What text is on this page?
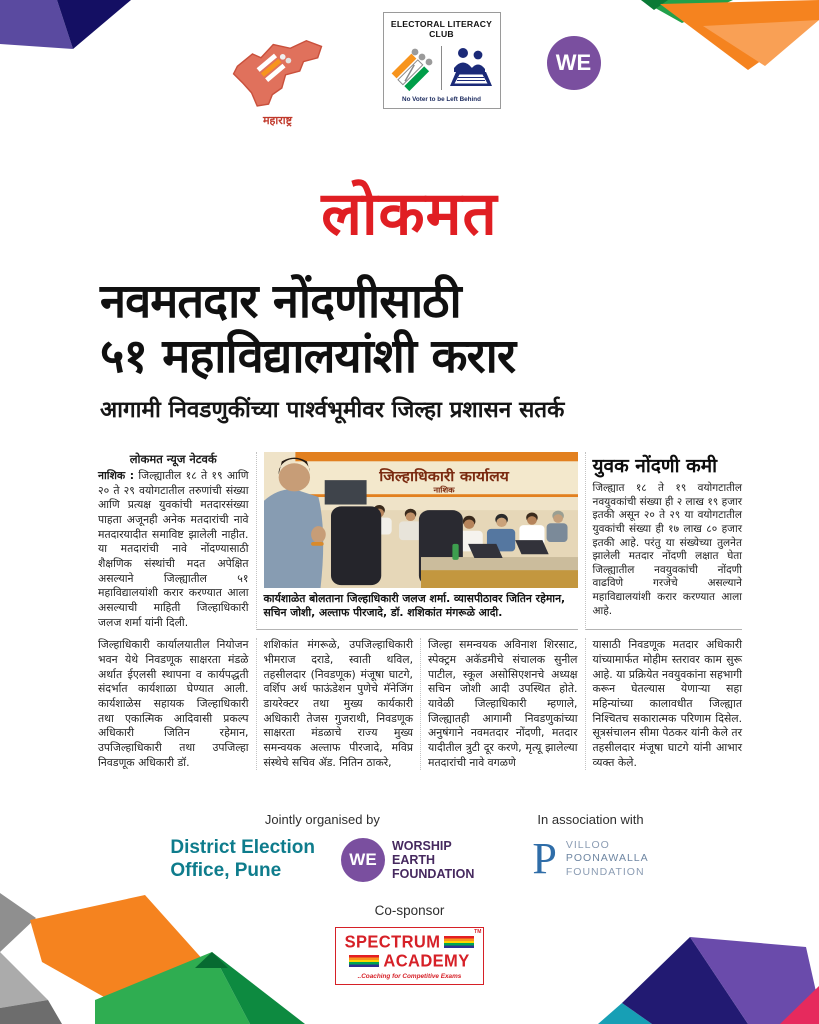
महाराष्ट्र
ELECTORAL LITERACY CLUB
No Voter to be Left Behind
WE
लोकमत
नवमतदार नोंदणीसाठी
५१ महाविद्यालयांशी करार
आगामी निवडणुकींच्या पार्श्वभूमीवर जिल्हा प्रशासन सतर्क
लोकमत न्यूज नेटवर्क
नाशिक : जिल्ह्यातील १८ ते १९ आणि २० ते २९ वयोगटातील तरुणांची संख्या आणि प्रत्यक्ष युवकांची मतदारसंख्या पाहता अजूनही अनेक मतदारांची नावे मतदारयादीत समाविष्ट झालेली नाहीत. या मतदारांची नावे नोंदण्यासाठी शैक्षणिक संस्थांची मदत अपेक्षित असल्याने जिल्ह्यातील ५१ महाविद्यालयांशी करार करण्यात आला असल्याची माहिती जिल्हाधिकारी जलज शर्मा यांनी दिली.
जिल्हाधिकारी कार्यालय
नाशिक
कार्यशाळेत बोलताना जिल्हाधिकारी जलज शर्मा. व्यासपीठावर जितिन रहेमान, सचिन जोशी, अल्ताफ पीरजादे, डॉ. शशिकांत मंगरूळे आदी.
युवक नोंदणी कमी
जिल्ह्यात १८ ते १९ वयोगटातील नवयुवकांची संख्या ही २ लाख १९ हजार इतकी असून २० ते २९ या वयोगटातील युवकांची संख्या ही १७ लाख ८० हजार इतकी आहे. परंतु या संख्येच्या तुलनेत झालेली मतदार नोंदणी लक्षात घेता जिल्ह्यातील नवयुवकांची नोंदणी वाढविणे गरजेचे असल्याने महाविद्यालयांशी करार करण्यात आला आहे.
जिल्हाधिकारी कार्यालयातील नियोजन भवन येथे निवडणूक साक्षरता मंडळे अर्थात ईएलसी स्थापना व कार्यपद्धती संदर्भात कार्यशाळा घेण्यात आली. कार्यशाळेस सहायक जिल्हाधिकारी तथा एकात्मिक आदिवासी प्रकल्प अधिकारी जितिन रहेमान, उपजिल्हाधिकारी तथा उपजिल्हा निवडणूक अधिकारी डॉ.
शशिकांत मंगरूळे, उपजिल्हाधिकारी भीमराज दराडे, स्वाती थविल, तहसीलदार (निवडणूक) मंजूषा घाटगे, वर्शिप अर्थ फाऊंडेशन पुणेचे मॅनेजिंग डायरेक्टर तथा मुख्य कार्यकारी अधिकारी तेजस गुजराथी, निवडणूक साक्षरता मंडळाचे राज्य मुख्य समन्वयक अल्ताफ पीरजादे, मविप्र संस्थेचे सचिव ॲड. नितिन ठाकरे,
जिल्हा समन्वयक अविनाश शिरसाट, स्पेक्ट्रम अकॅडमीचे संचालक सुनील पाटील, स्कूल असोसिएशनचे अध्यक्ष सचिन जोशी आदी उपस्थित होते. यावेळी जिल्हाधिकारी म्हणाले, जिल्ह्यातही आगामी निवडणुकांच्या अनुषंगाने नवमतदार नोंदणी, मतदार यादीतील त्रुटी दूर करणे, मृत्यू झालेल्या मतदारांची नावे वगळणे
यासाठी निवडणूक मतदार अधिकारी यांच्यामार्फत मोहीम स्तरावर काम सुरू आहे. या प्रक्रियेत नवयुवकांना सहभागी करून घेतल्यास येणाऱ्या सहा महिन्यांच्या कालावधीत जिल्ह्यात निश्चितच सकारात्मक परिणाम दिसेल. सूत्रसंचालन सीमा पेठकर यांनी केले तर तहसीलदार मंजूषा घाटगे यांनी आभार व्यक्त केले.
Jointly organised by
District Election
Office, Pune
WE
WORSHIP
EARTH
FOUNDATION
In association with
P VILLOO
POONAWALLA
FOUNDATION
Co-sponsor
TM
SPECTRUM
ACADEMY
..Coaching for Competitive Exams
